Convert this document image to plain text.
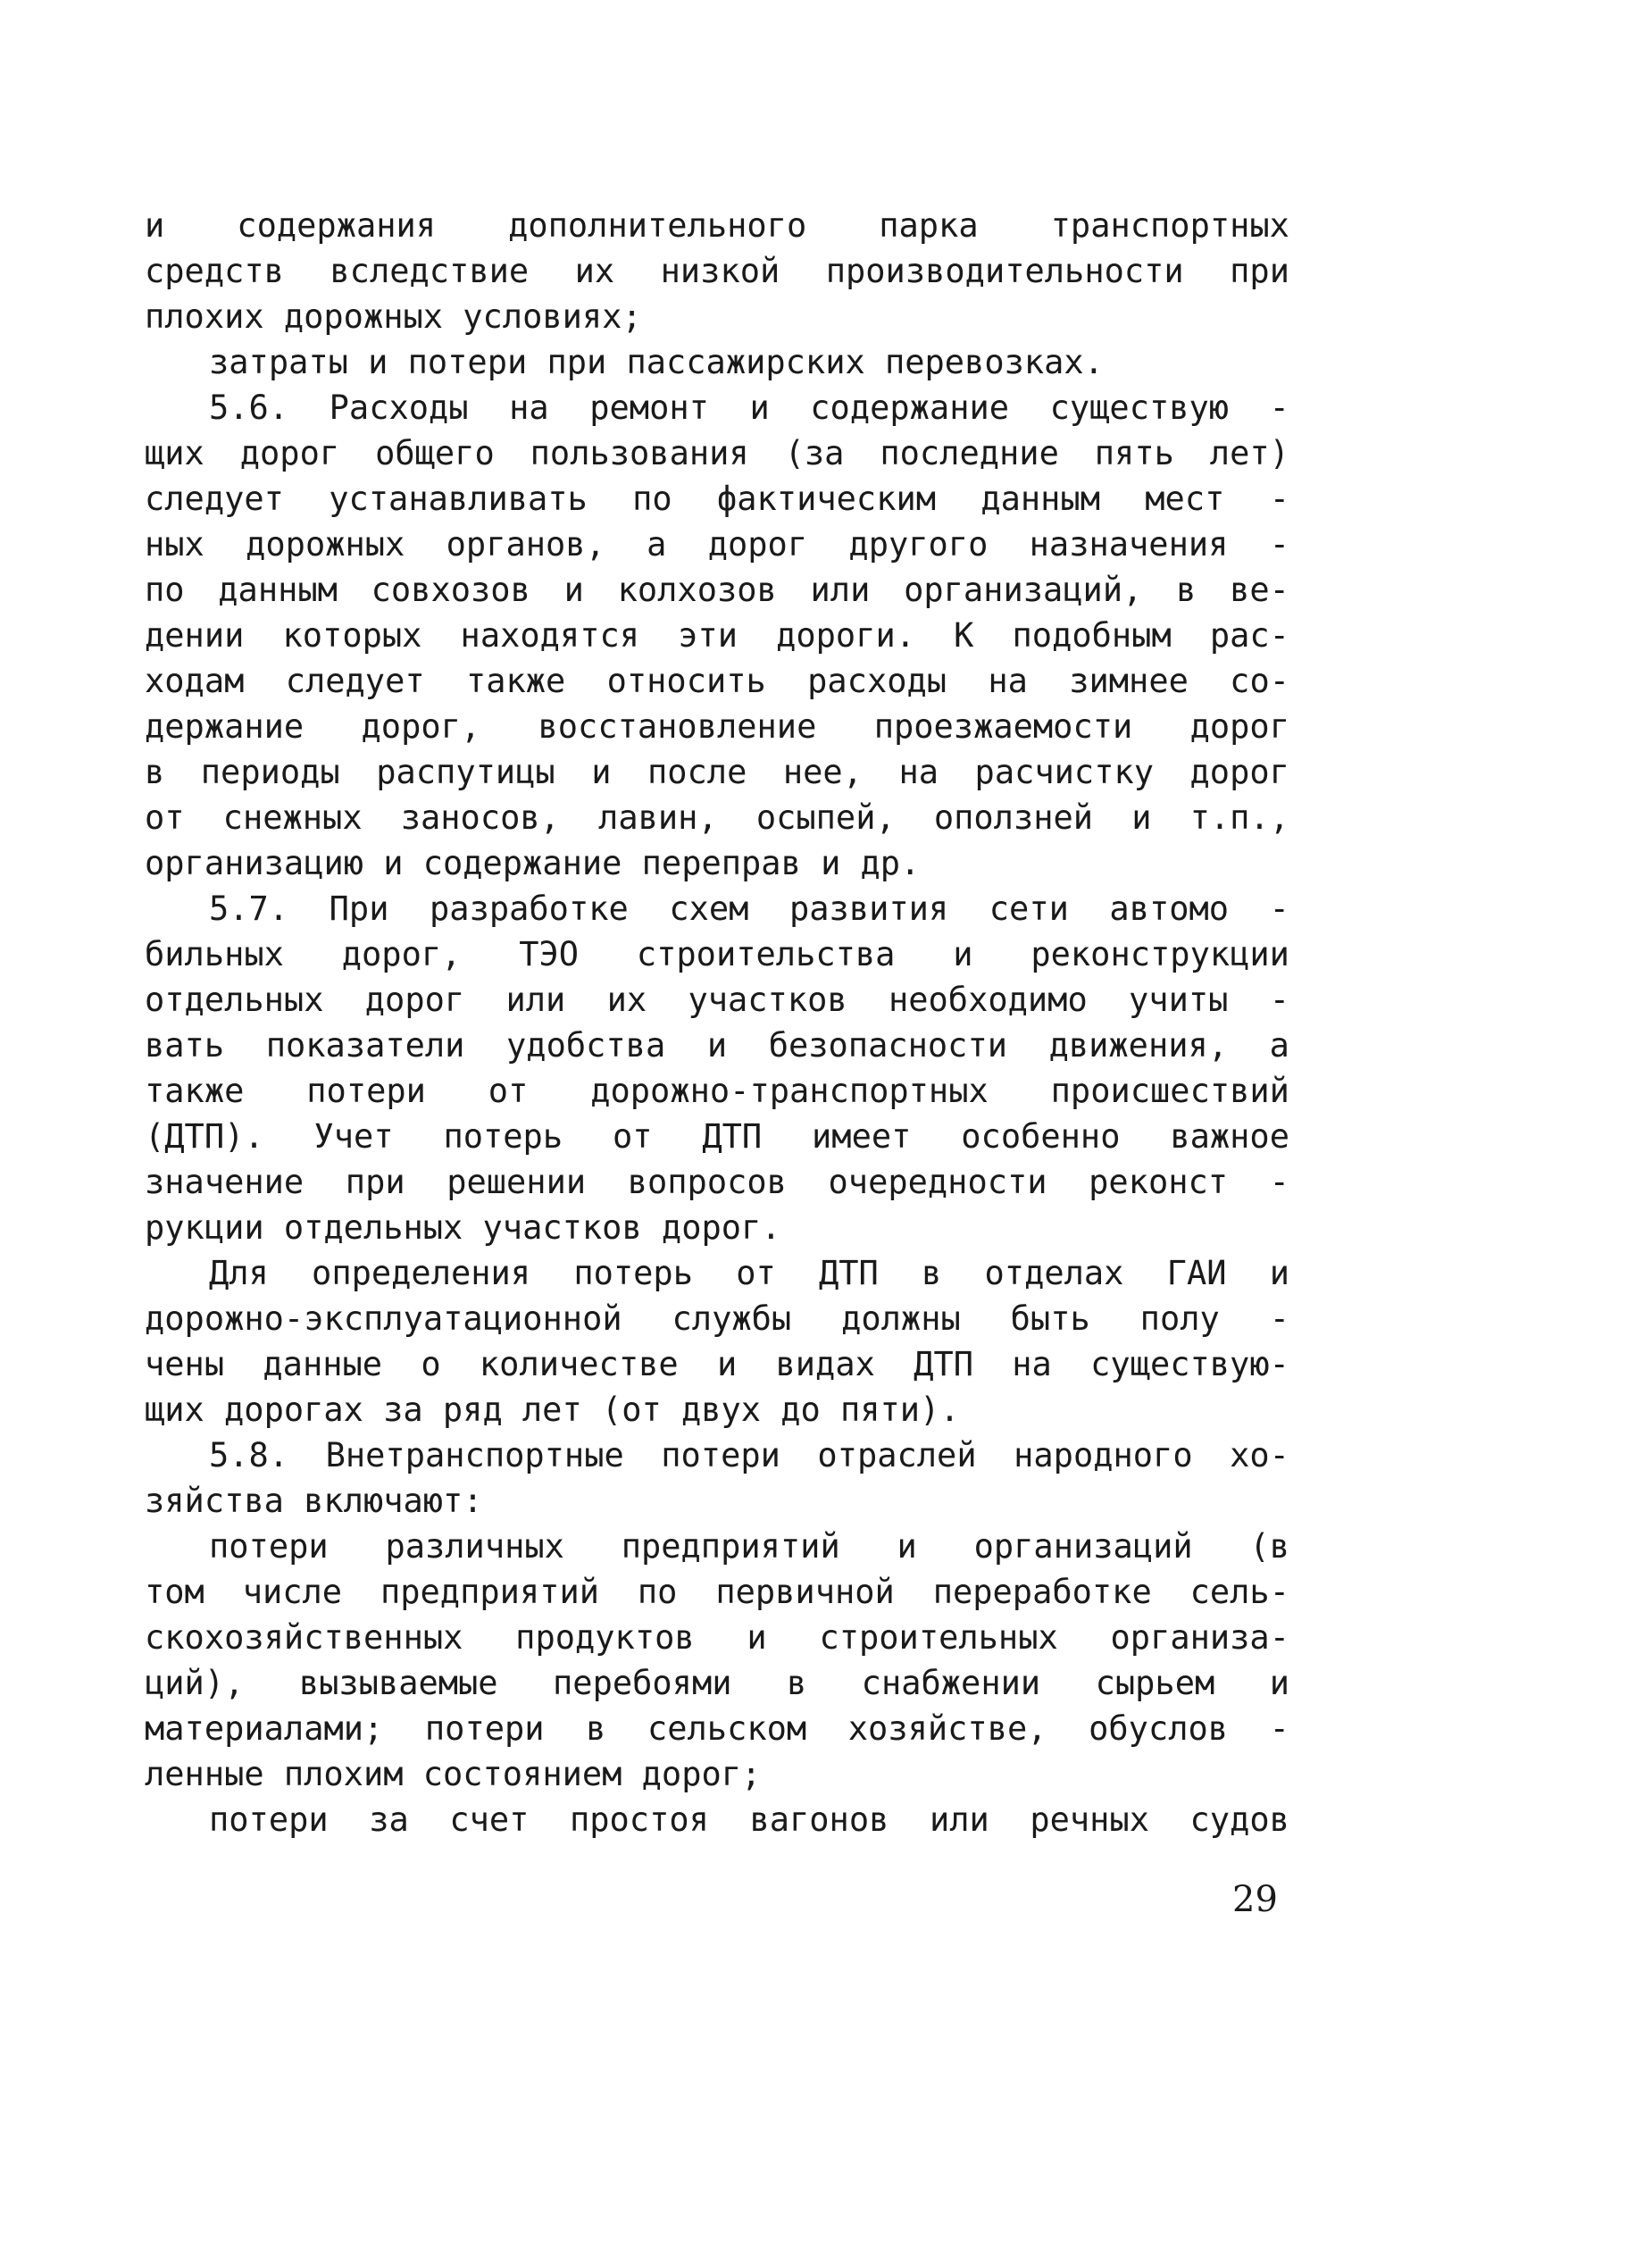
и содержания дополнительного парка транспортных
средств вследствие их низкой производительности при
плохих дорожных условиях;
затраты и потери при пассажирских перевозках.
5.6. Расходы на ремонт и содержание существую -
щих дорог общего пользования (за последние пять лет)
следует устанавливать по фактическим данным мест -
ных дорожных органов, а дорог другого назначения -
по данным совхозов и колхозов или организаций, в ве-
дении которых находятся эти дороги. К подобным рас-
ходам следует также относить расходы на зимнее со-
держание дорог, восстановление проезжаемости дорог
в периоды распутицы и после нее, на расчистку дорог
от снежных заносов, лавин, осыпей, оползней и т.п.,
организацию и содержание переправ и др.
5.7. При разработке схем развития сети автомо -
бильных дорог, ТЭО строительства и реконструкции
отдельных дорог или их участков необходимо учиты -
вать показатели удобства и безопасности движения, а
также потери от дорожно-транспортных происшествий
(ДТП). Учет потерь от ДТП имеет особенно важное
значение при решении вопросов очередности реконст -
рукции отдельных участков дорог.
Для определения потерь от ДТП в отделах ГАИ и
дорожно-эксплуатационной службы должны быть полу -
чены данные о количестве и видах ДТП на существую-
щих дорогах за ряд лет (от двух до пяти).
5.8. Внетранспортные потери отраслей народного хо-
зяйства включают:
потери различных предприятий и организаций (в
том числе предприятий по первичной переработке сель-
скохозяйственных продуктов и строительных организа-
ций), вызываемые перебоями в снабжении сырьем и
материалами; потери в сельском хозяйстве, обуслов -
ленные плохим состоянием дорог;
потери за счет простоя вагонов или речных судов
29
